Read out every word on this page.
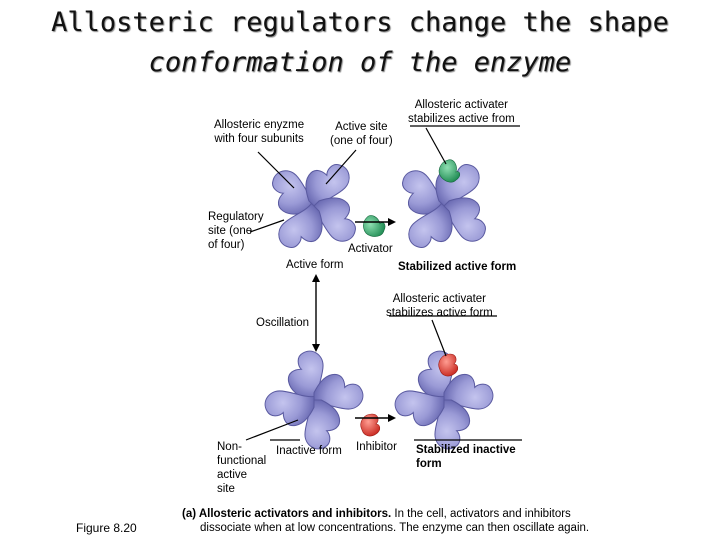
Allosteric regulators change the shape
conformation of the enzyme
Allosteric enyzme
with four subunits
Active site
(one of four)
Allosteric activater
stabilizes active from
Regulatory
site (one
of four)	Activator
Active form	Stabilized active form
Oscillation
Allosteric activater
stabilizes active form
Non-
functional
active
site
Inactive form Inhibitor Stabilized inactive
form
Figure 8.20
(a) Allosteric activators and inhibitors. In the cell, activators and inhibitors
dissociate when at low concentrations. The enzyme can then oscillate again.
